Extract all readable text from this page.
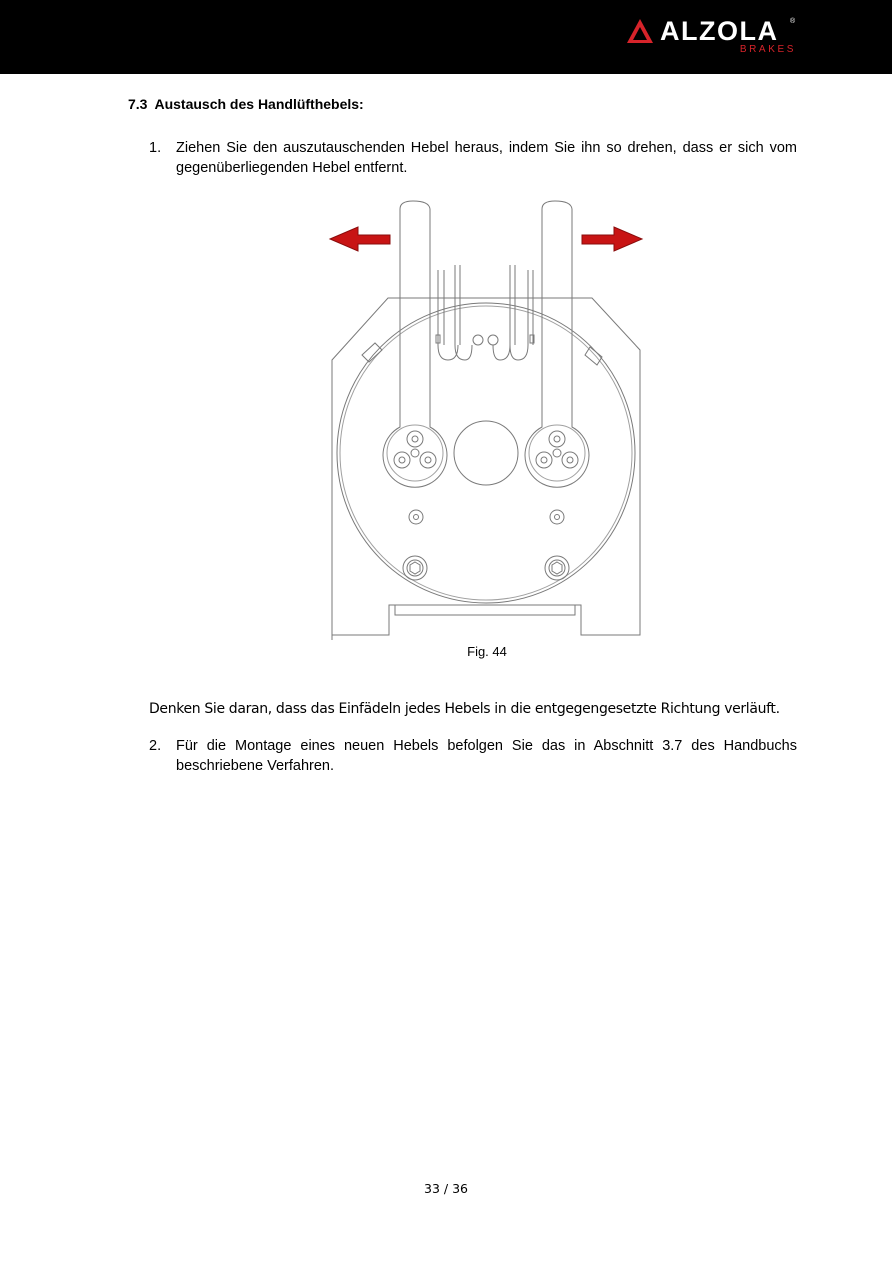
ALZOLA ®
BRAKES
7.3 Austausch des Handlüfthebels:
1. Ziehen Sie den auszutauschenden Hebel heraus, indem Sie ihn so drehen, dass er sich vom gegenüberliegenden Hebel entfernt.
Fig. 44
Denken Sie daran, dass das Einfädeln jedes Hebels in die entgegengesetzte Richtung verläuft.
2. Für die Montage eines neuen Hebels befolgen Sie das in Abschnitt 3.7 des Handbuchs beschriebene Verfahren.
33 / 36
